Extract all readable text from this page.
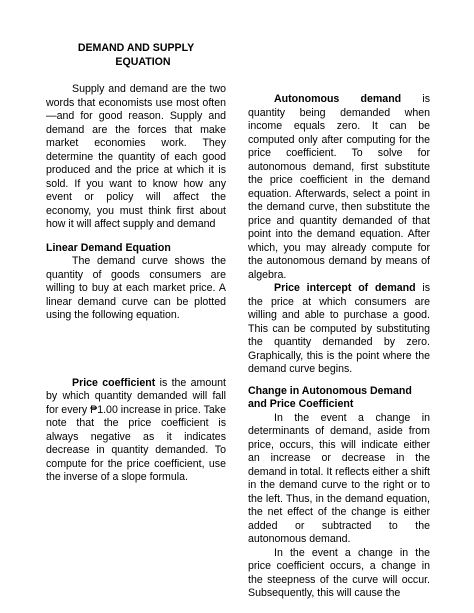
DEMAND AND SUPPLY
EQUATION

Supply and demand are the two words that economists use most often —and for good reason. Supply and demand are the forces that make market economies work. They determine the quantity of each good produced and the price at which it is sold. If you want to know how any event or policy will affect the economy, you must think first about how it will affect supply and demand

Linear Demand Equation

The demand curve shows the quantity of goods consumers are willing to buy at each market price. A linear demand curve can be plotted using the following equation.

Price coefficient is the amount by which quantity demanded will fall for every ₱1.00 increase in price. Take note that the price coefficient is always negative as it indicates decrease in quantity demanded. To compute for the price coefficient, use the inverse of a slope formula.

Autonomous demand is quantity being demanded when income equals zero. It can be computed only after computing for the price coefficient. To solve for autonomous demand, first substitute the price coefficient in the demand equation. Afterwards, select a point in the demand curve, then substitute the price and quantity demanded of that point into the demand equation. After which, you may already compute for the autonomous demand by means of algebra.

Price intercept of demand is the price at which consumers are willing and able to purchase a good. This can be computed by substituting the quantity demanded by zero. Graphically, this is the point where the demand curve begins.

Change in Autonomous Demand and Price Coefficient

In the event a change in determinants of demand, aside from price, occurs, this will indicate either an increase or decrease in the demand in total. It reflects either a shift in the demand curve to the right or to the left. Thus, in the demand equation, the net effect of the change is either added or subtracted to the autonomous demand.

In the event a change in the price coefficient occurs, a change in the steepness of the curve will occur. Subsequently, this will cause the
